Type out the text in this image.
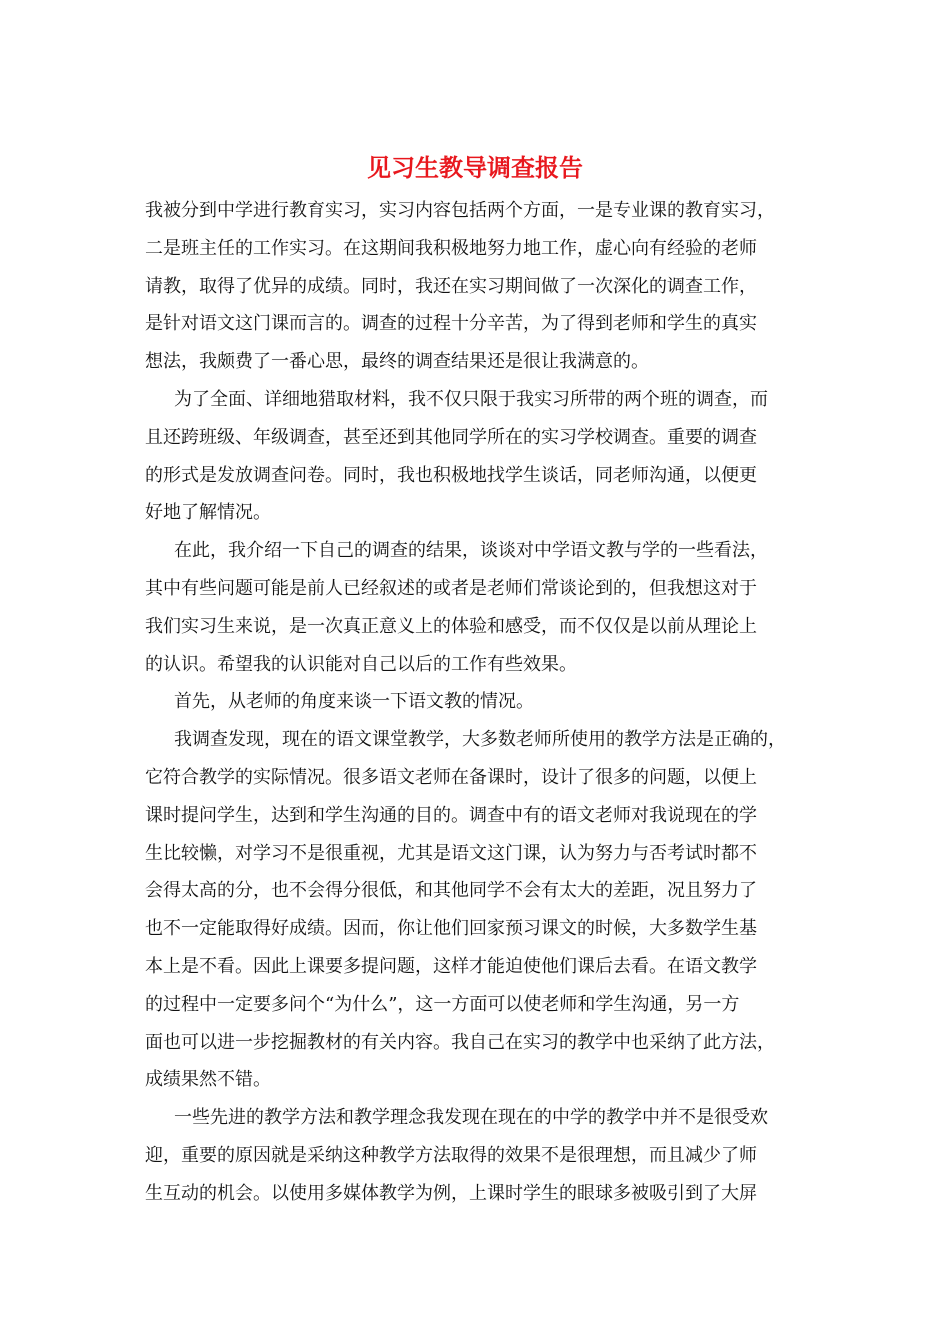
见习生教导调查报告
我被分到中学进行教育实习，实习内容包括两个方面，一是专业课的教育实习，
二是班主任的工作实习。在这期间我积极地努力地工作，虚心向有经验的老师
请教，取得了优异的成绩。同时，我还在实习期间做了一次深化的调查工作，
是针对语文这门课而言的。调查的过程十分辛苦，为了得到老师和学生的真实
想法，我颇费了一番心思，最终的调查结果还是很让我满意的。
为了全面、详细地猎取材料，我不仅只限于我实习所带的两个班的调查，而
且还跨班级、年级调查，甚至还到其他同学所在的实习学校调查。重要的调查
的形式是发放调查问卷。同时，我也积极地找学生谈话，同老师沟通，以便更
好地了解情况。
在此，我介绍一下自己的调查的结果，谈谈对中学语文教与学的一些看法，
其中有些问题可能是前人已经叙述的或者是老师们常谈论到的，但我想这对于
我们实习生来说，是一次真正意义上的体验和感受，而不仅仅是以前从理论上
的认识。希望我的认识能对自己以后的工作有些效果。
首先，从老师的角度来谈一下语文教的情况。
我调查发现，现在的语文课堂教学，大多数老师所使用的教学方法是正确的，
它符合教学的实际情况。很多语文老师在备课时，设计了很多的问题，以便上
课时提问学生，达到和学生沟通的目的。调查中有的语文老师对我说现在的学
生比较懒，对学习不是很重视，尤其是语文这门课，认为努力与否考试时都不
会得太高的分，也不会得分很低，和其他同学不会有太大的差距，况且努力了
也不一定能取得好成绩。因而，你让他们回家预习课文的时候，大多数学生基
本上是不看。因此上课要多提问题，这样才能迫使他们课后去看。在语文教学
的过程中一定要多问个“为什么”，这一方面可以使老师和学生沟通，另一方
面也可以进一步挖掘教材的有关内容。我自己在实习的教学中也采纳了此方法，
成绩果然不错。
一些先进的教学方法和教学理念我发现在现在的中学的教学中并不是很受欢
迎，重要的原因就是采纳这种教学方法取得的效果不是很理想，而且减少了师
生互动的机会。以使用多媒体教学为例，上课时学生的眼球多被吸引到了大屏
